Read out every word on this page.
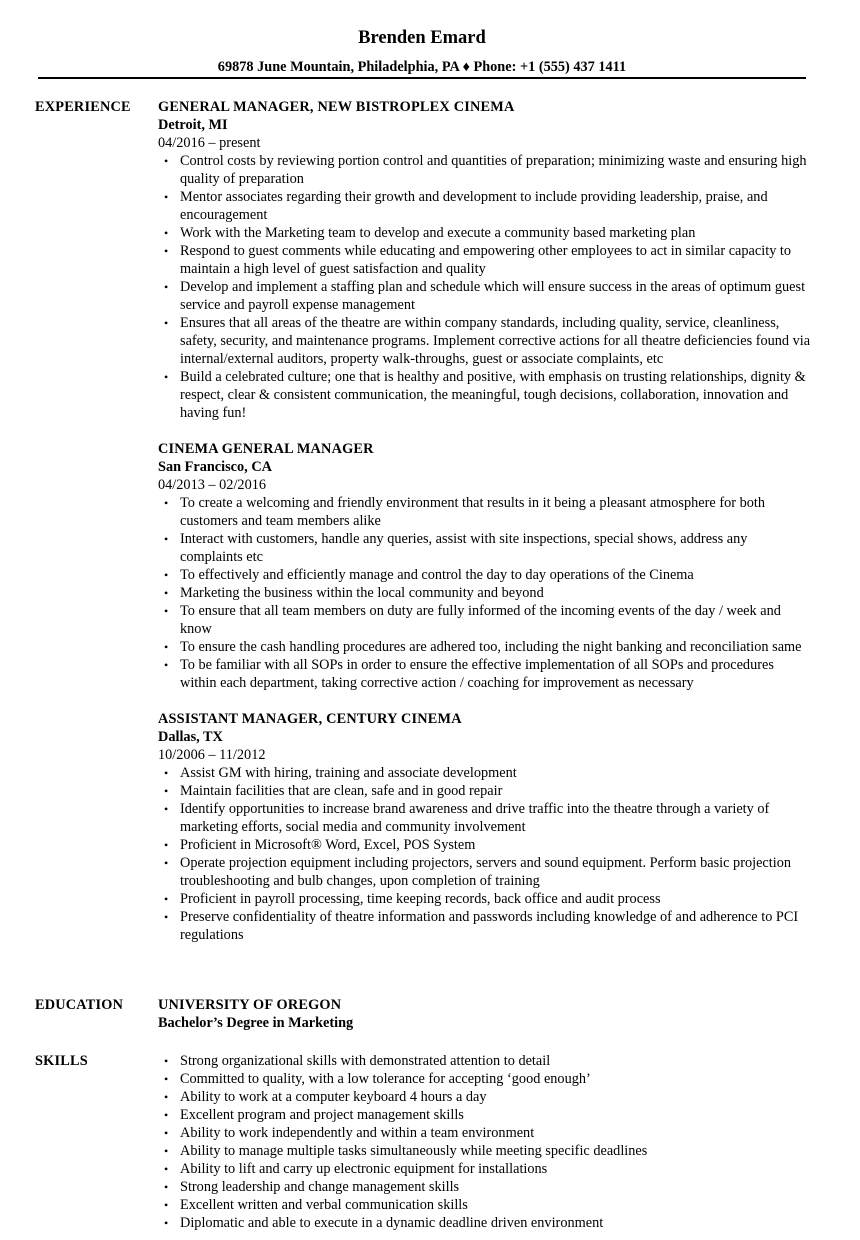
Brenden Emard
69878 June Mountain, Philadelphia, PA ♦ Phone: +1 (555) 437 1411
EXPERIENCE GENERAL MANAGER, NEW BISTROPLEX CINEMA
Detroit, MI
04/2016 – present
• Control costs by reviewing portion control and quantities of preparation; minimizing waste and ensuring high quality of preparation
• Mentor associates regarding their growth and development to include providing leadership, praise, and encouragement
• Work with the Marketing team to develop and execute a community based marketing plan
• Respond to guest comments while educating and empowering other employees to act in similar capacity to maintain a high level of guest satisfaction and quality
• Develop and implement a staffing plan and schedule which will ensure success in the areas of optimum guest service and payroll expense management
• Ensures that all areas of the theatre are within company standards, including quality, service, cleanliness, safety, security, and maintenance programs. Implement corrective actions for all theatre deficiencies found via internal/external auditors, property walk-throughs, guest or associate complaints, etc
• Build a celebrated culture; one that is healthy and positive, with emphasis on trusting relationships, dignity & respect, clear & consistent communication, the meaningful, tough decisions, collaboration, innovation and having fun!
CINEMA GENERAL MANAGER
San Francisco, CA
04/2013 – 02/2016
• To create a welcoming and friendly environment that results in it being a pleasant atmosphere for both customers and team members alike
• Interact with customers, handle any queries, assist with site inspections, special shows, address any complaints etc
• To effectively and efficiently manage and control the day to day operations of the Cinema
• Marketing the business within the local community and beyond
• To ensure that all team members on duty are fully informed of the incoming events of the day / week and know
• To ensure the cash handling procedures are adhered too, including the night banking and reconciliation same
• To be familiar with all SOPs in order to ensure the effective implementation of all SOPs and procedures within each department, taking corrective action / coaching for improvement as necessary
ASSISTANT MANAGER, CENTURY CINEMA
Dallas, TX
10/2006 – 11/2012
• Assist GM with hiring, training and associate development
• Maintain facilities that are clean, safe and in good repair
• Identify opportunities to increase brand awareness and drive traffic into the theatre through a variety of marketing efforts, social media and community involvement
• Proficient in Microsoft® Word, Excel, POS System
• Operate projection equipment including projectors, servers and sound equipment. Perform basic projection troubleshooting and bulb changes, upon completion of training
• Proficient in payroll processing, time keeping records, back office and audit process
• Preserve confidentiality of theatre information and passwords including knowledge of and adherence to PCI regulations
EDUCATION UNIVERSITY OF OREGON
Bachelor’s Degree in Marketing
SKILLS	• Strong organizational skills with demonstrated attention to detail
• Committed to quality, with a low tolerance for accepting ‘good enough’
• Ability to work at a computer keyboard 4 hours a day
• Excellent program and project management skills
• Ability to work independently and within a team environment
• Ability to manage multiple tasks simultaneously while meeting specific deadlines
• Ability to lift and carry up electronic equipment for installations
• Strong leadership and change management skills
• Excellent written and verbal communication skills
• Diplomatic and able to execute in a dynamic deadline driven environment
